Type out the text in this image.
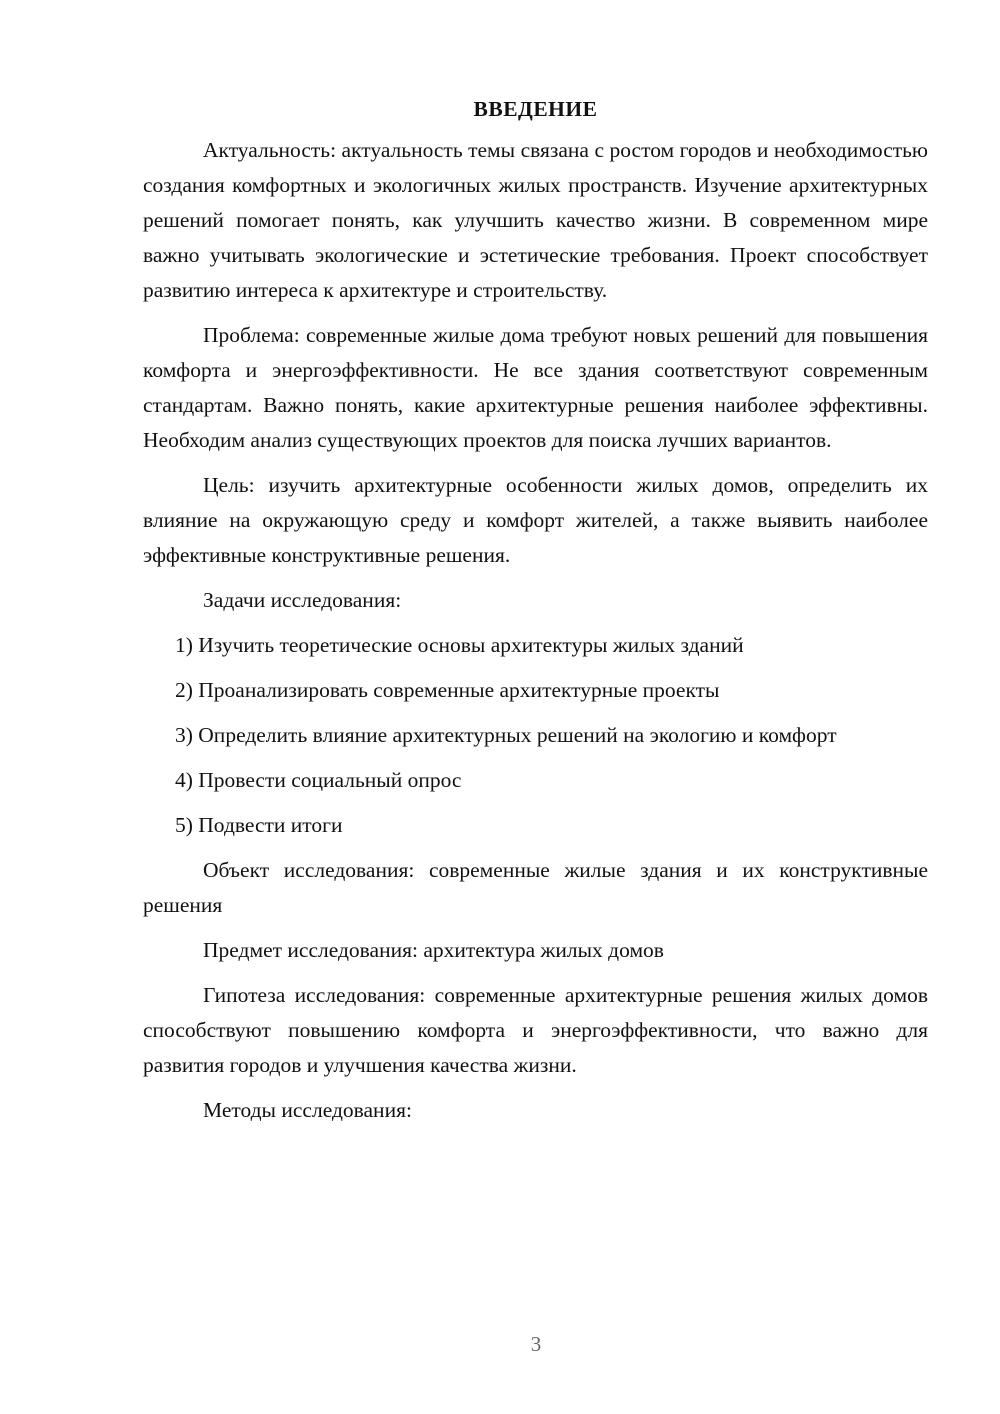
ВВЕДЕНИЕ
Актуальность: актуальность темы связана с ростом городов и необходимостью создания комфортных и экологичных жилых пространств. Изучение архитектурных решений помогает понять, как улучшить качество жизни. В современном мире важно учитывать экологические и эстетические требования. Проект способствует развитию интереса к архитектуре и строительству.
Проблема: современные жилые дома требуют новых решений для повышения комфорта и энергоэффективности. Не все здания соответствуют современным стандартам. Важно понять, какие архитектурные решения наиболее эффективны. Необходим анализ существующих проектов для поиска лучших вариантов.
Цель: изучить архитектурные особенности жилых домов, определить их влияние на окружающую среду и комфорт жителей, а также выявить наиболее эффективные конструктивные решения.
Задачи исследования:
1) Изучить теоретические основы архитектуры жилых зданий
2) Проанализировать современные архитектурные проекты
3) Определить влияние архитектурных решений на экологию и комфорт
4) Провести социальный опрос
5) Подвести итоги
Объект исследования: современные жилые здания и их конструктивные решения
Предмет исследования: архитектура жилых домов
Гипотеза исследования: современные архитектурные решения жилых домов способствуют повышению комфорта и энергоэффективности, что важно для развития городов и улучшения качества жизни.
Методы исследования:
3
